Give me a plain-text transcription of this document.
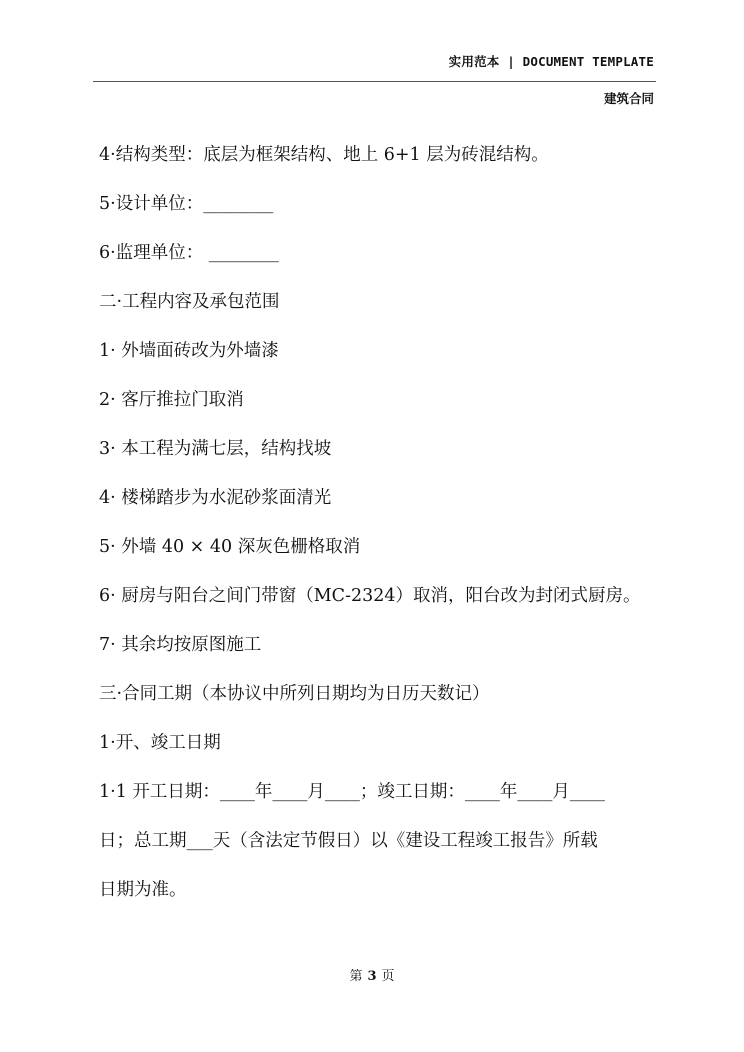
实用范本 | DOCUMENT TEMPLATE
建筑合同
4·结构类型：底层为框架结构、地上 6+1 层为砖混结构。
5·设计单位：________
6·监理单位： ________
二·工程内容及承包范围
1· 外墙面砖改为外墙漆
2· 客厅推拉门取消
3· 本工程为满七层，结构找坡
4· 楼梯踏步为水泥砂浆面清光
5· 外墙 40 × 40 深灰色栅格取消
6· 厨房与阳台之间门带窗（MC-2324）取消，阳台改为封闭式厨房。
7· 其余均按原图施工
三·合同工期（本协议中所列日期均为日历天数记）
1·开、竣工日期
1·1 开工日期：____年____月____；竣工日期：____年____月____
日；总工期___天（含法定节假日）以《建设工程竣工报告》所载
日期为准。
第 3 页
